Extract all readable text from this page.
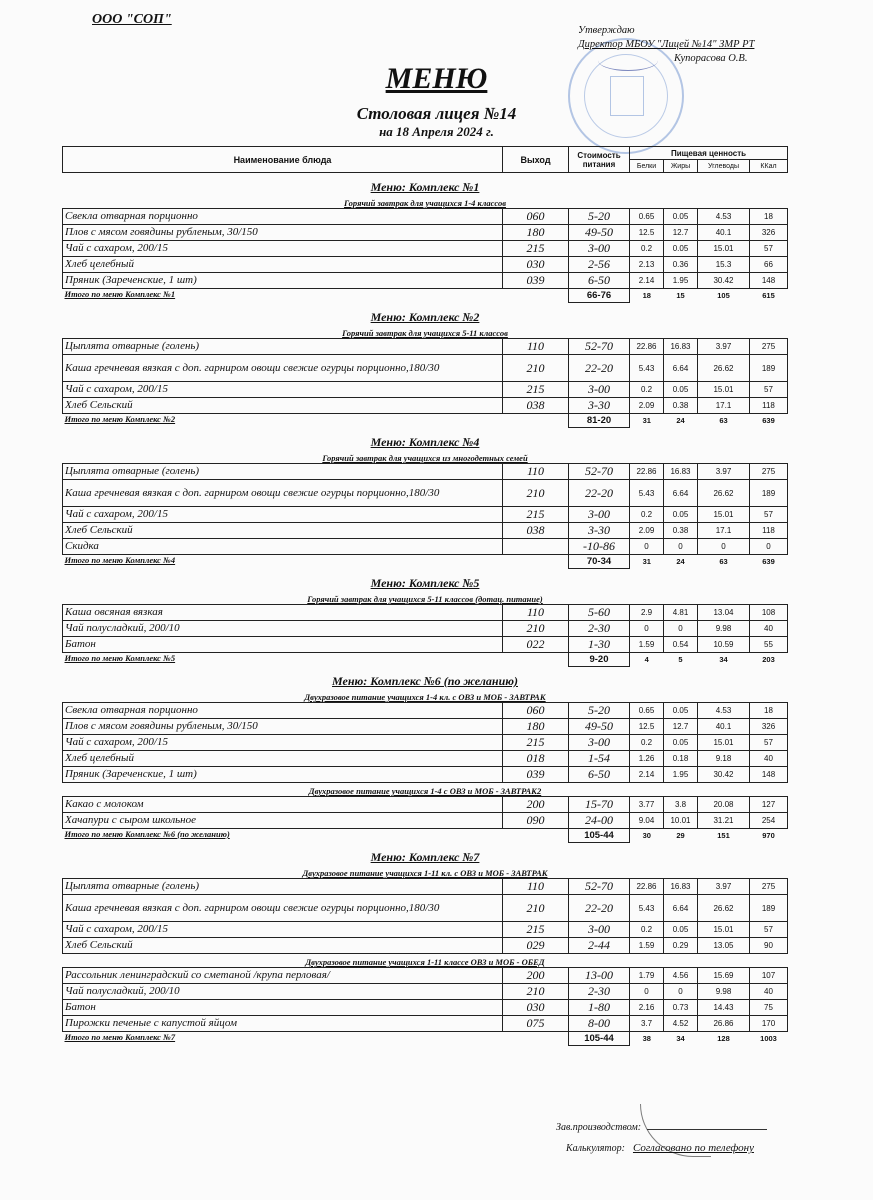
ООО "СОП"
Утверждаю
Директор МБОУ "Лицей №14" ЗМР РТ
Купорасова О.В.
МЕНЮ
Столовая лицея №14
на 18 Апреля 2024 г.
Наименование блюда	Выход	Стоимость питания	Пищевая ценность			
			Белки	Жиры	Углеводы	ККал
Меню: Комплекс №1						
Горячий завтрак для учащихся 1-4 классов						
Свекла отварная порционно	060	5-20	0.65	0.05	4.53	18
Плов с мясом говядины рубленым, 30/150	180	49-50	12.5	12.7	40.1	326
Чай с сахаром, 200/15	215	3-00	0.2	0.05	15.01	57
Хлеб целебный	030	2-56	2.13	0.36	15.3	66
Пряник (Зареченские, 1 шт)	039	6-50	2.14	1.95	30.42	148
Итого по меню Комплекс №1		66-76	18	15	105	615
Меню: Комплекс №2						
Горячий завтрак для учащихся 5-11 классов						
Цыплята отварные (голень)	110	52-70	22.86	16.83	3.97	275
Каша гречневая вязкая с доп. гарниром овощи свежие огурцы порционно,180/30	210	22-20	5.43	6.64	26.62	189
Чай с сахаром, 200/15	215	3-00	0.2	0.05	15.01	57
Хлеб Сельский	038	3-30	2.09	0.38	17.1	118
Итого по меню Комплекс №2		81-20	31	24	63	639
Меню: Комплекс №4						
Горячий завтрак для учащихся из многодетных семей						
Цыплята отварные (голень)	110	52-70	22.86	16.83	3.97	275
Каша гречневая вязкая с доп. гарниром овощи свежие огурцы порционно,180/30	210	22-20	5.43	6.64	26.62	189
Чай с сахаром, 200/15	215	3-00	0.2	0.05	15.01	57
Хлеб Сельский	038	3-30	2.09	0.38	17.1	118
Скидка		-10-86	0	0	0	0
Итого по меню Комплекс №4		70-34	31	24	63	639
Меню: Комплекс №5						
Горячий завтрак для учащихся 5-11 классов (дотац. питание)						
Каша овсяная вязкая	110	5-60	2.9	4.81	13.04	108
Чай полусладкий, 200/10	210	2-30	0	0	9.98	40
Батон	022	1-30	1.59	0.54	10.59	55
Итого по меню Комплекс №5		9-20	4	5	34	203
Меню: Комплекс №6 (по желанию)						
Двухразовое питание учащихся 1-4 кл. с ОВЗ и МОБ - ЗАВТРАК						
Свекла отварная порционно	060	5-20	0.65	0.05	4.53	18
Плов с мясом говядины рубленым, 30/150	180	49-50	12.5	12.7	40.1	326
Чай с сахаром, 200/15	215	3-00	0.2	0.05	15.01	57
Хлеб целебный	018	1-54	1.26	0.18	9.18	40
Пряник (Зареченские, 1 шт)	039	6-50	2.14	1.95	30.42	148
Двухразовое питание учащихся 1-4 с ОВЗ и МОБ - ЗАВТРАК2						
Какао с молоком	200	15-70	3.77	3.8	20.08	127
Хачапури с сыром школьное	090	24-00	9.04	10.01	31.21	254
Итого по меню Комплекс №6 (по желанию)		105-44	30	29	151	970
Меню: Комплекс №7						
Двухразовое питание учащихся 1-11 кл. с ОВЗ и МОБ - ЗАВТРАК						
Цыплята отварные (голень)	110	52-70	22.86	16.83	3.97	275
Каша гречневая вязкая с доп. гарниром овощи свежие огурцы порционно,180/30	210	22-20	5.43	6.64	26.62	189
Чай с сахаром, 200/15	215	3-00	0.2	0.05	15.01	57
Хлеб Сельский	029	2-44	1.59	0.29	13.05	90
Двухразовое питание учащихся 1-11 классе ОВЗ и МОБ - ОБЕД						
Рассольник ленинградский со сметаной /крупа перловая/	200	13-00	1.79	4.56	15.69	107
Чай полусладкий, 200/10	210	2-30	0	0	9.98	40
Батон	030	1-80	2.16	0.73	14.43	75
Пирожки печеные с капустой яйцом	075	8-00	3.7	4.52	26.86	170
Итого по меню Комплекс №7		105-44	38	34	128	1003
Зав.производством:
Калькулятор: Согласовано по телефону
